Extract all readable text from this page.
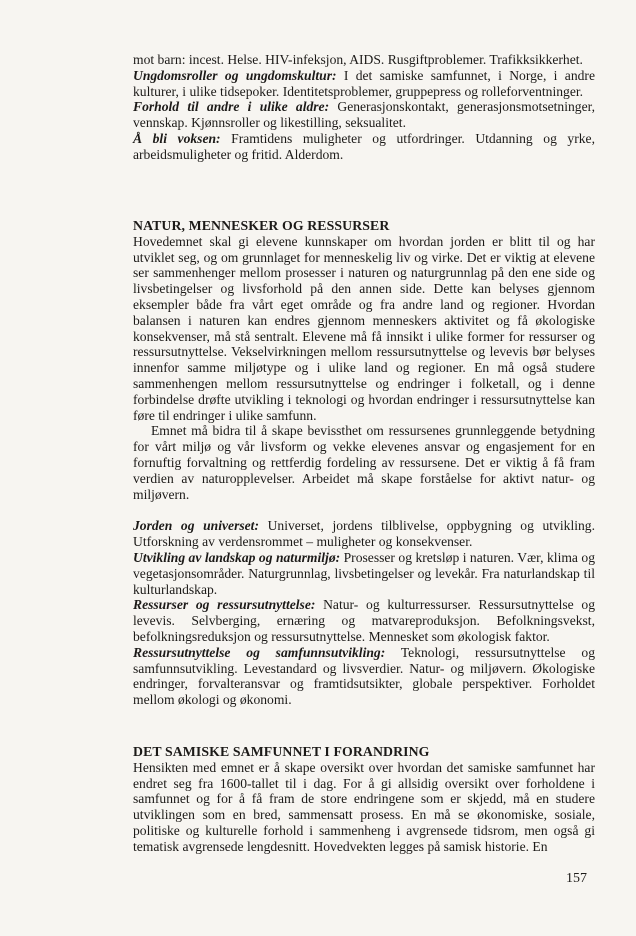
mot barn: incest. Helse. HIV-infeksjon, AIDS. Rusgiftproblemer. Trafikksikkerhet.

Ungdomsroller og ungdomskultur: I det samiske samfunnet, i Norge, i andre kulturer, i ulike tidsepoker. Identitetsproblemer, gruppepress og rolleforventninger.

Forhold til andre i ulike aldre: Generasjonskontakt, generasjonsmotsetninger, vennskap. Kjønnsroller og likestilling, seksualitet.

Å bli voksen: Framtidens muligheter og utfordringer. Utdanning og yrke, arbeidsmuligheter og fritid. Alderdom.

NATUR, MENNESKER OG RESSURSER

Hovedemnet skal gi elevene kunnskaper om hvordan jorden er blitt til og har utviklet seg, og om grunnlaget for menneskelig liv og virke. Det er viktig at elevene ser sammenhenger mellom prosesser i naturen og naturgrunnlag på den ene side og livsbetingelser og livsforhold på den annen side. Dette kan belyses gjennom eksempler både fra vårt eget område og fra andre land og regioner. Hvordan balansen i naturen kan endres gjennom menneskers aktivitet og få økologiske konsekvenser, må stå sentralt. Elevene må få innsikt i ulike former for ressurser og ressursutnyttelse. Vekselvirkningen mellom ressursutnyttelse og levevis bør belyses innenfor samme miljøtype og i ulike land og regioner. En må også studere sammenhengen mellom ressursutnyttelse og endringer i folketall, og i denne forbindelse drøfte utvikling i teknologi og hvordan endringer i ressursutnyttelse kan føre til endringer i ulike samfunn.

Emnet må bidra til å skape bevissthet om ressursenes grunnleggende betydning for vårt miljø og vår livsform og vekke elevenes ansvar og engasjement for en fornuftig forvaltning og rettferdig fordeling av ressursene. Det er viktig å få fram verdien av naturopplevelser. Arbeidet må skape forståelse for aktivt natur- og miljøvern.

Jorden og universet: Universet, jordens tilblivelse, oppbygning og utvikling. Utforskning av verdensrommet – muligheter og konsekvenser.

Utvikling av landskap og naturmiljø: Prosesser og kretsløp i naturen. Vær, klima og vegetasjonsområder. Naturgrunnlag, livsbetingelser og levekår. Fra naturlandskap til kulturlandskap.

Ressurser og ressursutnyttelse: Natur- og kulturressurser. Ressursutnyttelse og levevis. Selvberging, ernæring og matvareproduksjon. Befolkningsvekst, befolkningsreduksjon og ressursutnyttelse. Mennesket som økologisk faktor.

Ressursutnyttelse og samfunnsutvikling: Teknologi, ressursutnyttelse og samfunnsutvikling. Levestandard og livsverdier. Natur- og miljøvern. Økologiske endringer, forvalteransvar og framtidsutsikter, globale perspektiver. Forholdet mellom økologi og økonomi.

DET SAMISKE SAMFUNNET I FORANDRING

Hensikten med emnet er å skape oversikt over hvordan det samiske samfunnet har endret seg fra 1600-tallet til i dag. For å gi allsidig oversikt over forholdene i samfunnet og for å få fram de store endringene som er skjedd, må en studere utviklingen som en bred, sammensatt prosess. En må se økonomiske, sosiale, politiske og kulturelle forhold i sammenheng i avgrensede tidsrom, men også gi tematisk avgrensede lengdesnitt. Hovedvekten legges på samisk historie. En

157
